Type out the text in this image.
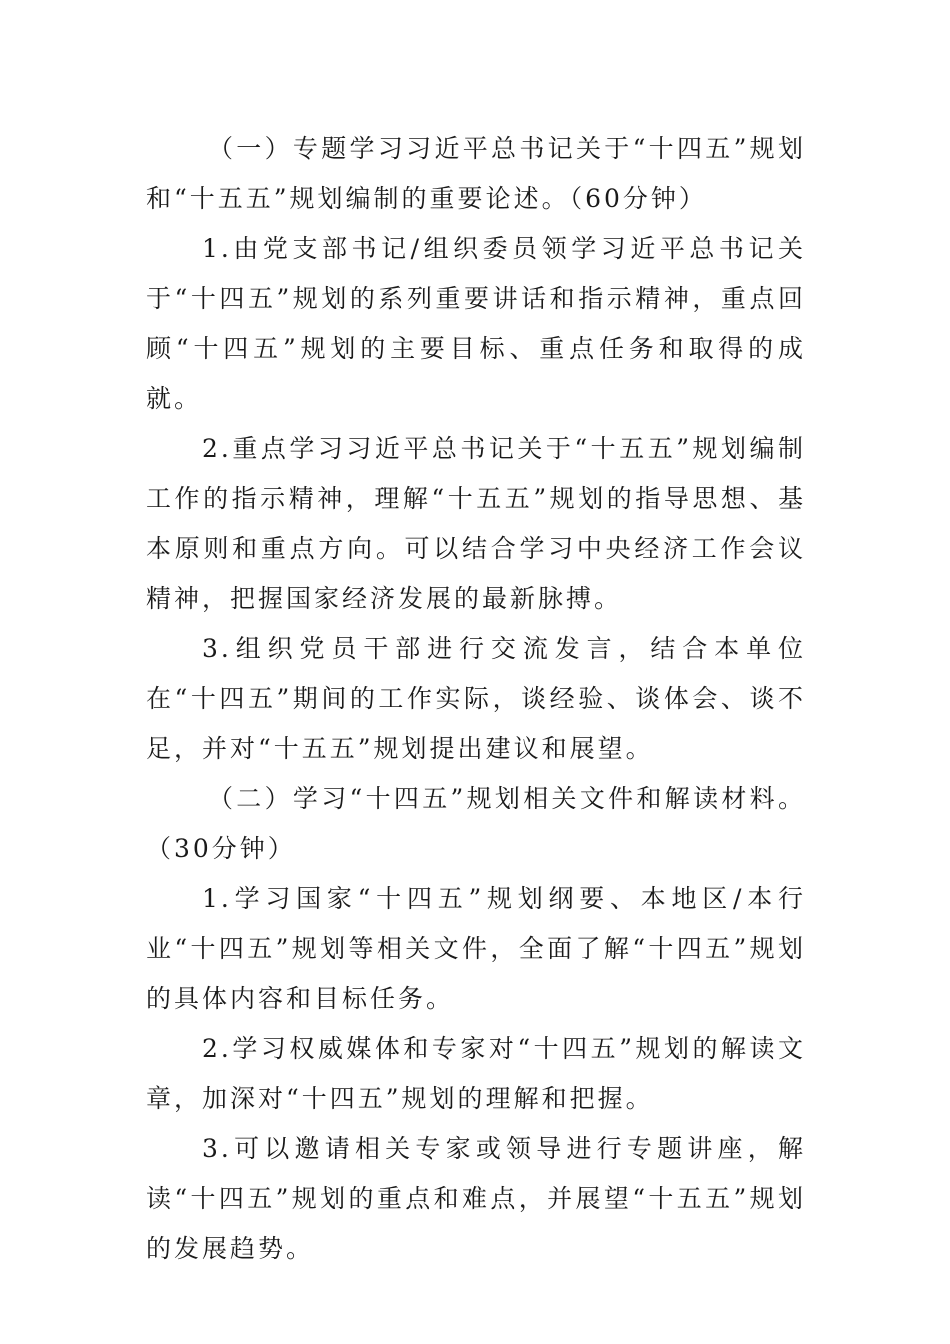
（一）专题学习习近平总书记关于“十四五”规划和“十五五”规划编制的重要论述。（60分钟）

1.由党支部书记/组织委员领学习近平总书记关于“十四五”规划的系列重要讲话和指示精神，重点回顾“十四五”规划的主要目标、重点任务和取得的成就。

2.重点学习习近平总书记关于“十五五”规划编制工作的指示精神，理解“十五五”规划的指导思想、基本原则和重点方向。可以结合学习中央经济工作会议精神，把握国家经济发展的最新脉搏。

3.组织党员干部进行交流发言，结合本单位在“十四五”期间的工作实际，谈经验、谈体会、谈不足，并对“十五五”规划提出建议和展望。

（二）学习“十四五”规划相关文件和解读材料。（30分钟）

1.学习国家“十四五”规划纲要、本地区/本行业“十四五”规划等相关文件，全面了解“十四五”规划的具体内容和目标任务。

2.学习权威媒体和专家对“十四五”规划的解读文章，加深对“十四五”规划的理解和把握。

3.可以邀请相关专家或领导进行专题讲座，解读“十四五”规划的重点和难点，并展望“十五五”规划的发展趋势。
